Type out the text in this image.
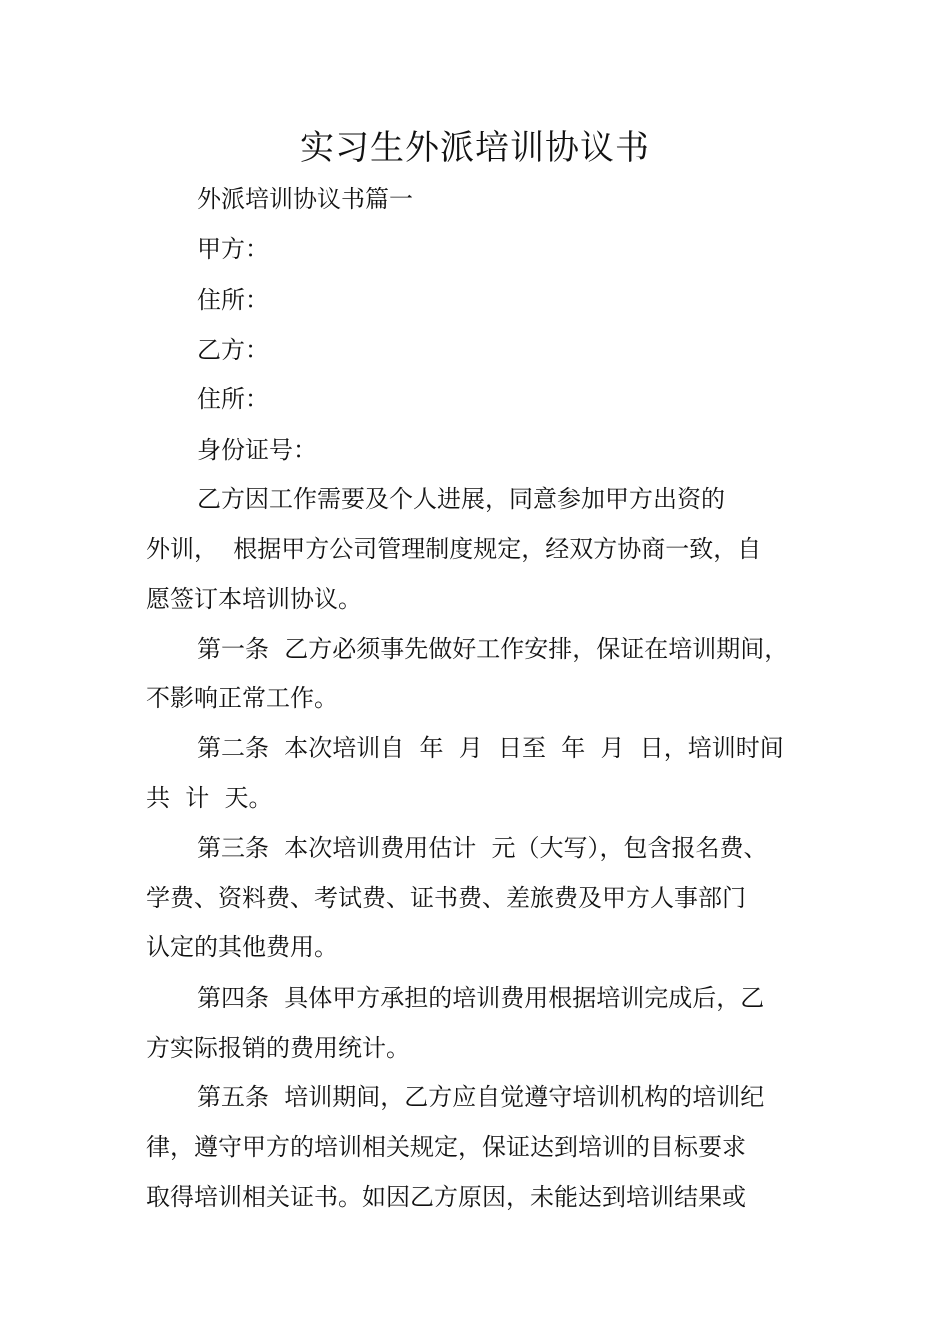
实习生外派培训协议书

外派培训协议书篇一

甲方：

住所：

乙方：

住所：

身份证号：

乙方因工作需要及个人进展，同意参加甲方出资的

外训，  根据甲方公司管理制度规定，经双方协商一致，自

愿签订本培训协议。

第一条  乙方必须事先做好工作安排，保证在培训期间，

不影响正常工作。

第二条  本次培训自  年  月  日至  年  月  日，培训时间

共  计  天。

第三条  本次培训费用估计  元（大写），包含报名费、

学费、资料费、考试费、证书费、差旅费及甲方人事部门

认定的其他费用。

第四条  具体甲方承担的培训费用根据培训完成后，乙

方实际报销的费用统计。

第五条  培训期间，乙方应自觉遵守培训机构的培训纪

律，遵守甲方的培训相关规定，保证达到培训的目标要求

取得培训相关证书。如因乙方原因，未能达到培训结果或
